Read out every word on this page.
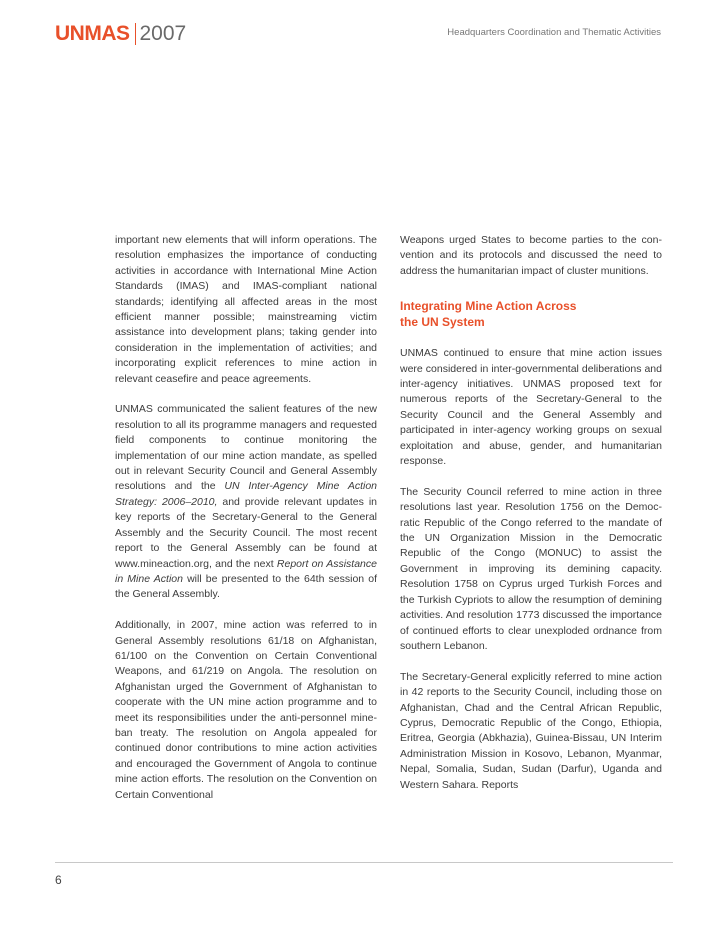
UNMAS 2007	Headquarters Coordination and Thematic Activities

important new elements that will inform operations. The resolution emphasizes the importance of conducting activities in accordance with International Mine Action Standards (IMAS) and IMAS-compliant national standards; identifying all affected areas in the most efficient manner possible; mainstreaming victim assistance into development plans; taking gender into consideration in the implementation of activities; and incorporating explicit references to mine action in relevant ceasefire and peace agreements.

UNMAS communicated the salient features of the new resolution to all its programme managers and requested field components to continue monitoring the implementation of our mine action mandate, as spelled out in relevant Security Council and General Assembly resolutions and the UN Inter-Agency Mine Action Strategy: 2006–2010, and provide relevant updates in key reports of the Secretary-General to the General Assembly and the Security Council. The most recent report to the General Assembly can be found at www.mineaction.org, and the next Report on Assistance in Mine Action will be presented to the 64th session of the General Assembly.

Additionally, in 2007, mine action was referred to in General Assembly resolutions 61/18 on Afghanistan, 61/100 on the Convention on Certain Conventional Weapons, and 61/219 on Angola. The resolution on Afghanistan urged the Government of Afghanistan to cooperate with the UN mine action programme and to meet its responsibilities under the anti-personnel mine-ban treaty. The resolution on Angola appealed for continued donor contributions to mine action activities and encouraged the Government of Angola to continue mine action efforts. The resolution on the Convention on Certain Conventional

Weapons urged States to become parties to the convention and its protocols and discussed the need to address the humanitarian impact of cluster munitions.

Integrating Mine Action Across
the UN System

UNMAS continued to ensure that mine action issues were considered in inter-governmental deliberations and inter-agency initiatives. UNMAS proposed text for numerous reports of the Secretary-General to the Security Council and the General Assembly and participated in inter-agency working groups on sexual exploitation and abuse, gender, and humanitarian response.

The Security Council referred to mine action in three resolutions last year. Resolution 1756 on the Democratic Republic of the Congo referred to the mandate of the UN Organization Mission in the Democratic Republic of the Congo (MONUC) to assist the Government in improving its demining capacity. Resolution 1758 on Cyprus urged Turkish Forces and the Turkish Cypriots to allow the resumption of demining activities. And resolution 1773 discussed the importance of continued efforts to clear unexploded ordnance from southern Lebanon.

The Secretary-General explicitly referred to mine action in 42 reports to the Security Council, including those on Afghanistan, Chad and the Central African Republic, Cyprus, Democratic Republic of the Congo, Ethiopia, Eritrea, Georgia (Abkhazia), Guinea-Bissau, UN Interim Administration Mission in Kosovo, Lebanon, Myanmar, Nepal, Somalia, Sudan, Sudan (Darfur), Uganda and Western Sahara. Reports

6
